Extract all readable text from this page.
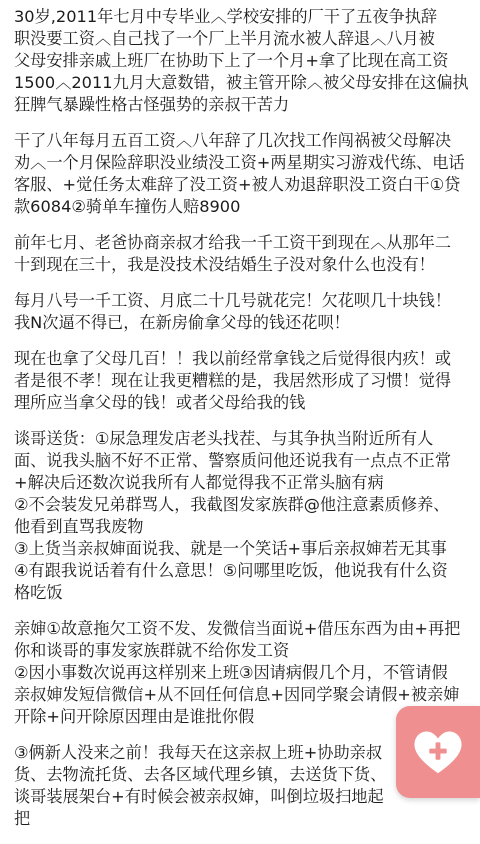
30岁,2011年七月中专毕业︿学校安排的厂干了五夜争执辞
职没要工资︿自己找了一个厂上半月流水被人辞退︿八月被
父母安排亲戚上班厂在协助下上了一个月+拿了比现在高工资
1500︿2011九月大意数错，被主管开除︿被父母安排在这偏执
狂脾气暴躁性格古怪强势的亲叔干苦力

干了八年每月五百工资︿八年辞了几次找工作闯祸被父母解决
劝︿一个月保险辞职没业绩没工资+两星期实习游戏代练、电话
客服、+觉任务太难辞了没工资+被人劝退辞职没工资白干①贷
款6084②骑单车撞伤人赔8900

前年七月、老爸协商亲叔才给我一千工资干到现在︿从那年二
十到现在三十，我是没技术没结婚生子没对象什么也没有！

每月八号一千工资、月底二十几号就花完！欠花呗几十块钱！
我N次逼不得已，在新房偷拿父母的钱还花呗！

现在也拿了父母几百！！我以前经常拿钱之后觉得很内疚！或
者是很不孝！现在让我更糟糕的是，我居然形成了习惯！觉得
理所应当拿父母的钱！或者父母给我的钱

谈哥送货：①尿急理发店老头找茬、与其争执当附近所有人
面、说我头脑不好不正常、警察质问他还说我有一点点不正常
+解决后还数次说我所有人都觉得我不正常头脑有病
②不会装发兄弟群骂人，我截图发家族群@他注意素质修养、
他看到直骂我废物
③上货当亲叔婶面说我、就是一个笑话+事后亲叔婶若无其事
④有跟我说话着有什么意思！⑤问哪里吃饭，他说我有什么资
格吃饭

亲婶①故意拖欠工资不发、发微信当面说+借压东西为由+再把
你和谈哥的事发家族群就不给你发工资
②因小事数次说再这样别来上班③因请病假几个月，不管请假
亲叔婶发短信微信+从不回任何信息+因同学聚会请假+被亲婶
开除+问开除原因理由是谁批你假

③俩新人没来之前！我每天在这亲叔上班+协助亲叔
货、去物流托货、去各区域代理乡镇，去送货下货、
谈哥装展架台+有时候会被亲叔婶，叫倒垃圾扫地起
把
